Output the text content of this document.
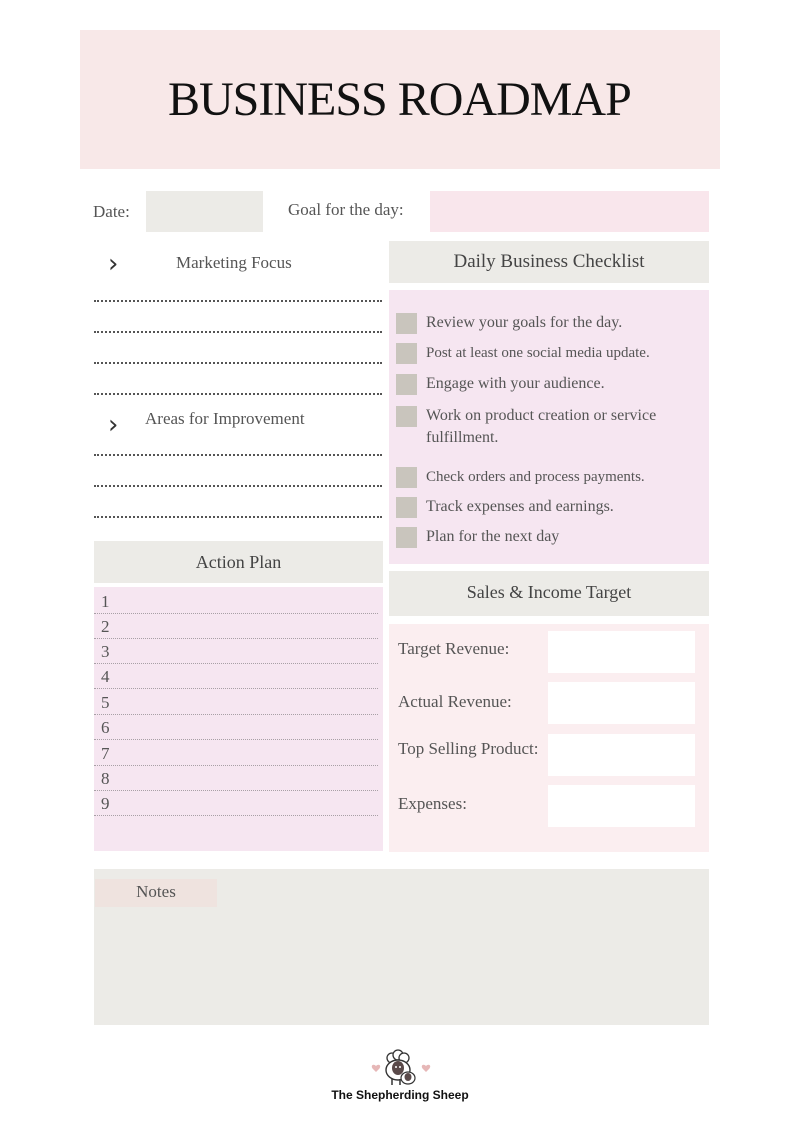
BUSINESS ROADMAP
Date:	Goal for the day:
›	Marketing Focus
› Areas for Improvement
Action Plan
1
2
3
4
5
6
7
8
9
Daily Business Checklist
Review your goals for the day.
Post at least one social media update.
Engage with your audience.
Work on product creation or service fulfillment.
Check orders and process payments.
Track expenses and earnings.
Plan for the next day
Sales & Income Target
Target Revenue:
Actual Revenue:
Top Selling Product:
Expenses:
Notes
The Shepherding Sheep
